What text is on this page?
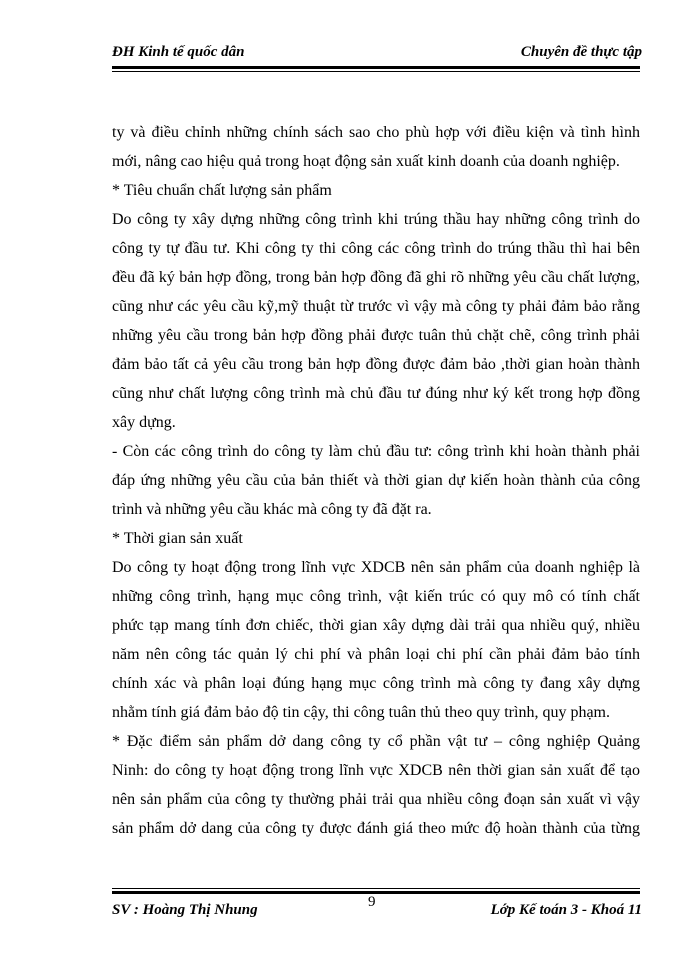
ĐH Kinh tế quốc dân	Chuyên đề thực tập
ty và điều chỉnh những chính sách sao cho phù hợp với điều kiện và tình hình
mới, nâng cao hiệu quả trong hoạt động sản xuất kinh doanh của doanh nghiệp.
* Tiêu chuẩn chất lượng sản phẩm
Do công ty xây dựng những công trình khi trúng thầu hay những công trình do
công ty tự đầu tư. Khi công ty thi công các công trình do trúng thầu thì hai bên
đều đã ký bản hợp đồng, trong bản hợp đồng đã ghi rõ những yêu cầu chất lượng,
cũng như các yêu cầu kỹ,mỹ thuật từ trước vì vậy mà công ty phải đảm bảo rằng
những yêu cầu trong bản hợp đồng phải được tuân thủ chặt chẽ, công trình phải
đảm bảo tất cả yêu cầu trong bản hợp đồng được đảm bảo ,thời gian hoàn thành
cũng như chất lượng công trình mà chủ đầu tư đúng như ký kết trong hợp đồng
xây dựng.
- Còn các công trình do công ty làm chủ đầu tư: công trình khi hoàn thành phải
đáp ứng những yêu cầu của bản thiết và thời gian dự kiến hoàn thành của công
trình và những yêu cầu khác mà công ty đã đặt ra.
* Thời gian sản xuất
Do công ty hoạt động trong lĩnh vực XDCB nên sản phẩm của doanh nghiệp là
những công trình, hạng mục công trình, vật kiến trúc có quy mô có tính chất
phức tạp mang tính đơn chiếc, thời gian xây dựng dài trải qua nhiều quý, nhiều
năm nên công tác quản lý chi phí và phân loại chi phí cần phải đảm bảo tính
chính xác và phân loại đúng hạng mục công trình mà công ty đang xây dựng
nhằm tính giá đảm bảo độ tin cậy, thi công tuân thủ theo quy trình, quy phạm.
* Đặc điểm sản phẩm dở dang công ty cổ phần vật tư – công nghiệp Quảng
Ninh: do công ty hoạt động trong lĩnh vực XDCB nên thời gian sản xuất để tạo
nên sản phẩm của công ty thường phải trải qua nhiều công đoạn sản xuất vì vậy
sản phẩm dở dang của công ty được đánh giá theo mức độ hoàn thành của từng
SV : Hoàng Thị Nhung	9	Lớp Kế toán 3 - Khoá 11
